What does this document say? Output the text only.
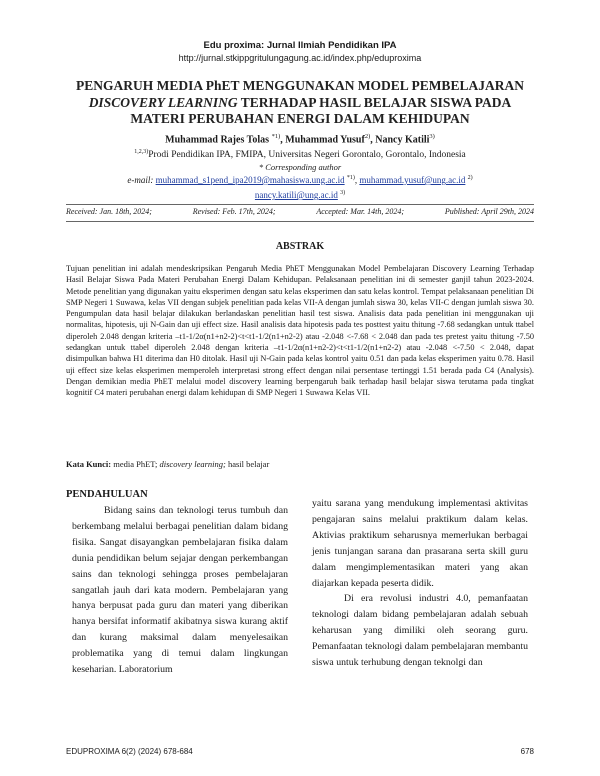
Edu proxima: Jurnal Ilmiah Pendidikan IPA
http://jurnal.stkippgritulungagung.ac.id/index.php/eduproxima
PENGARUH MEDIA PhET MENGGUNAKAN MODEL PEMBELAJARAN
DISCOVERY LEARNING TERHADAP HASIL BELAJAR SISWA PADA
MATERI PERUBAHAN ENERGI DALAM KEHIDUPAN
Muhammad Rajes Tolas $^{*1)}$, Muhammad Yusuf$^{2)}$, Nancy Katili$^{3)}$
$^{1,2,3)}$Prodi Pendidikan IPA, FMIPA, Universitas Negeri Gorontalo, Gorontalo, Indonesia
* Corresponding author
e-mail: muhammad_s1pend_ipa2019@mahasiswa.ung.ac.id $^{*1)}$, muhammad.yusuf@ung.ac.id $^{2)}$
nancy.katili@ung.ac.id $^{3)}$
Received: Jan. 18th, 2024;	Revised: Feb. 17th, 2024;	Accepted: Mar. 14th, 2024;	Published: April 29th, 2024
ABSTRAK

Tujuan penelitian ini adalah mendeskripsikan Pengaruh Media PhET Menggunakan Model Pembelajaran Discovery Learning Terhadap Hasil Belajar Siswa Pada Materi Perubahan Energi Dalam Kehidupan. Pelaksanaan penelitian ini di semester ganjil tahun 2023-2024. Metode penelitian yang digunakan yaitu eksperimen dengan satu kelas eksperimen dan satu kelas kontrol. Tempat pelaksanaan penelitian Di SMP Negeri 1 Suwawa, kelas VII dengan subjek penelitian pada kelas VII-A dengan jumlah siswa 30, kelas VII-C dengan jumlah siswa 30. Pengumpulan data hasil belajar dilakukan berlandaskan penelitian hasil test siswa. Analisis data pada penelitian ini menggunakan uji normalitas, hipotesis, uji N-Gain dan uji effect size. Hasil analisis data hipotesis pada tes posttest yaitu thitung -7.68 sedangkan untuk ttabel diperoleh 2.048 dengan kriteria –t1-1/2α(n1+n2-2)<t<t1-1/2(n1+n2-2) atau -2.048 <-7.68 < 2.048 dan pada tes pretest yaitu thitung -7.50 sedangkan untuk ttabel diperoleh 2.048 dengan kriteria –t1-1/2α(n1+n2-2)<t<t1-1/2(n1+n2-2) atau -2.048 <-7.50 < 2.048, dapat disimpulkan bahwa H1 diterima dan H0 ditolak. Hasil uji N-Gain pada kelas kontrol yaitu 0.51 dan pada kelas eksperimen yaitu 0.78. Hasil uji effect size kelas eksperimen memperoleh interpretasi strong effect dengan nilai persentase tertinggi 1.51 berada pada C4 (Analysis). Dengan demikian media PhET melalui model discovery learning berpengaruh baik terhadap hasil belajar siswa terutama pada tingkat kognitif C4 materi perubahan energi dalam kehidupan di SMP Negeri 1 Suwawa Kelas VII.

Kata Kunci: media PhET; discovery learning; hasil belajar
PENDAHULUAN

Bidang sains dan teknologi terus tumbuh dan berkembang melalui berbagai penelitian dalam bidang fisika. Sangat disayangkan pembelajaran fisika dalam dunia pendidikan belum sejajar dengan perkembangan sains dan teknologi sehingga proses pembelajaran sangatlah jauh dari kata modern. Pembelajaran yang hanya berpusat pada guru dan materi yang diberikan hanya bersifat informatif akibatnya siswa kurang aktif dan kurang maksimal dalam menyelesaikan problematika yang di temui dalam lingkungan keseharian. Laboratorium

yaitu sarana yang mendukung implementasi aktivitas pengajaran sains melalui praktikum dalam kelas. Aktivias praktikum seharusnya memerlukan berbagai jenis tunjangan sarana dan prasarana serta skill guru dalam mengimplementasikan materi yang akan diajarkan kepada peserta didik.

Di era revolusi industri 4.0, pemanfaatan teknologi dalam bidang pembelajaran adalah sebuah keharusan yang dimiliki oleh seorang guru. Pemanfaatan teknologi dalam pembelajaran membantu siswa untuk terhubung dengan teknolgi dan

EDUPROXIMA 6(2) (2024) 678-684	678
